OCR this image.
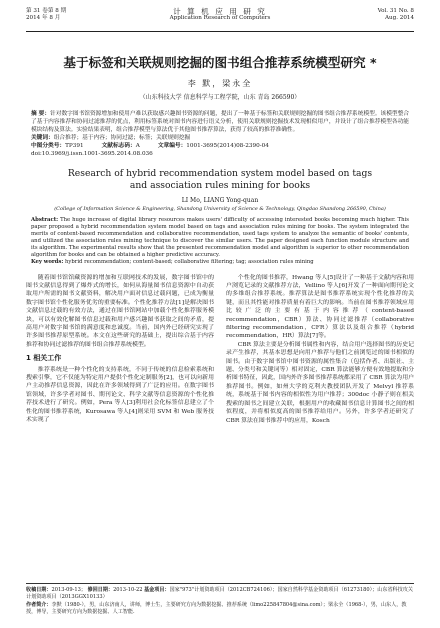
第 31 卷第 8 期
2014 年 8 月
计 算 机 应 用 研 究
Application Research of Computers
Vol. 31 No. 8
Aug. 2014
基于标签和关联规则挖掘的图书组合推荐系统模型研究 *
李 默，梁永全
（山东科技大学 信息科学与工程学院，山东 青岛 266590）
摘 要：针对数字图书馆资源增加和使用户难以获取感兴趣图书资源的问题，提出了一种基于标签和关联规则挖掘的图书组合推荐系统模型。该模型整合了基于内容推荐和协同过滤推荐的优点，利用标签系统对图书内容进行语义分析，使用关联规则挖掘技术发现相似用户，并设计了组合推荐模型各功能模块结构及算法。实验结果表明，组合推荐模型与算法优于其他图书推荐算法，获得了较高的推荐准确性。
关键词：组合推荐；基于内容；协同过滤；标签；关联规则挖掘
中图分类号：TP391	文献标志码：A	文章编号：1001-3695(2014)08-2390-04
doi:10.3969/j.issn.1001-3695.2014.08.036
Research of hybrid recommendation system model based on tags and association rules mining for books
LI Mo, LIANG Yong-quan
(College of Information Science & Engineering, Shandong University of Science & Technology, Qingdao Shandong 266590, China)
Abstract: The huge increase of digital library resources makes users' difficulty of accessing interested books becoming much higher. This paper proposed a hybrid recommendation system model based on tags and association rules mining for books. The system integrated the merits of content-based recommendation and collaborative recommendation, used tags system to analyze the semantic of books' contents, and utilized the association rules mining technique to discover the similar users. The paper designed each function module structure and its algorithm. The experimental results show that the presented recommendation model and algorithm is superior to other recommendation algorithm for books and can be obtained a higher predictive accuracy.
Key words: hybrid recommendation; content-based; collaborative filtering; tag; association rules mining

随着图书馆馆藏资源的增加和互联网技术的发展，数字图书馆中的图书文献信息得到了爆炸式的增长，如何从海量图书信息资源中自动获取用户所需的图书文献资料，解决用户面对信息过载问题，已成为衡量数字图书馆个性化服务优劣的重要标准。个性化推荐方法[1]是解决图书文献信息过载的有效方法，通过在图书馆网站中加载个性化推荐服务模块，可以有效化解图书信息过载和用户感兴趣图书获取之间的矛盾，提高用户对数字图书馆的满意度和忠诚度。当前，国内外已经研究实现了许多图书推荐原型系统。本文在这些研究的基础上，提出综合基于内容推荐和协同过滤推荐的图书组合推荐系统模型。

1 相关工作

推荐系统是一种个性化的支持系统，不同于传统的信息检索系统和搜索引擎，它不仅能为特定用户提供个性化定制服务[2]，也可以向新用户主动推荐信息资源，因此在许多领域得到了广泛的应用。在数字图书馆领域，许多学者对图书、期刊论文、科学文献等信息资源的个性化推荐技术进行了研究。例如，Pera 等人[3]利用社会化标签信息建立了个性化的图书推荐系统，Kurosawa 等人[4]则采用 SVM 和 Web 服务技术实现了

个性化的图书推荐，Hwang 等人[5]设计了一种基于文献内容和用户浏览记录的文献推荐方法，Vellino 等人[6]开发了一种面向期刊论文的多维组合推荐系统。推荐算法是图书推荐系统实现个性化推荐的关键，而且其性能对推荐质量有着巨大的影响。当前在图书推荐领域应用比较广泛的主要有基于内容推荐（content-based recommendation，CBR）算法、协同过滤推荐（collaborative filtering recommendation，CFR）算法以及组合推荐（hybrid recommendation，HR）算法[7]等。

CBR 算法主要是分析图书属性和内容，结合用户选择图书的历史记录产生推荐，其基本思想是向用户推荐与他们之前浏览过的图书相似的图书。由于数字图书馆中图书资源的属性集合（包括作者、出版社、主题、分类号和关键词等）相对固定，CBR 算法能够方便有效地提取和分析图书特征，因此，国内外许多图书推荐系统都采用了 CBR 算法为用户推荐图书。例如，如州大学的克利夫教授团队开发了 Melvyl 推荐系统，系统基于图书内容的相似性为用户推荐；300doc 小静子则在相关搜索的图书之间建立关联，根据用户的收藏图书信息计算图书之间的相似程度，并将相似度高的图书推荐给用户。另外，许多学者还研究了 CBR 算法在图书推荐中的应用，Kosch

收稿日期：2013-09-13； 修回日期：2013-10-22 基金项目：国家"973"计划资助项目（2012CB724106）；国家自然科学基金资助项目（61273180）；山东省科技攻关计划资助项目（2013GGX10133）
作者简介：李默（1980-），男，山东济南人，讲师，博士生，主要研究方向为数据挖掘、推荐系统（limo225847804@sina.com）；梁永全（1968-），男，山东人，教授，博导，主要研究方向为数据挖掘、人工智能.
